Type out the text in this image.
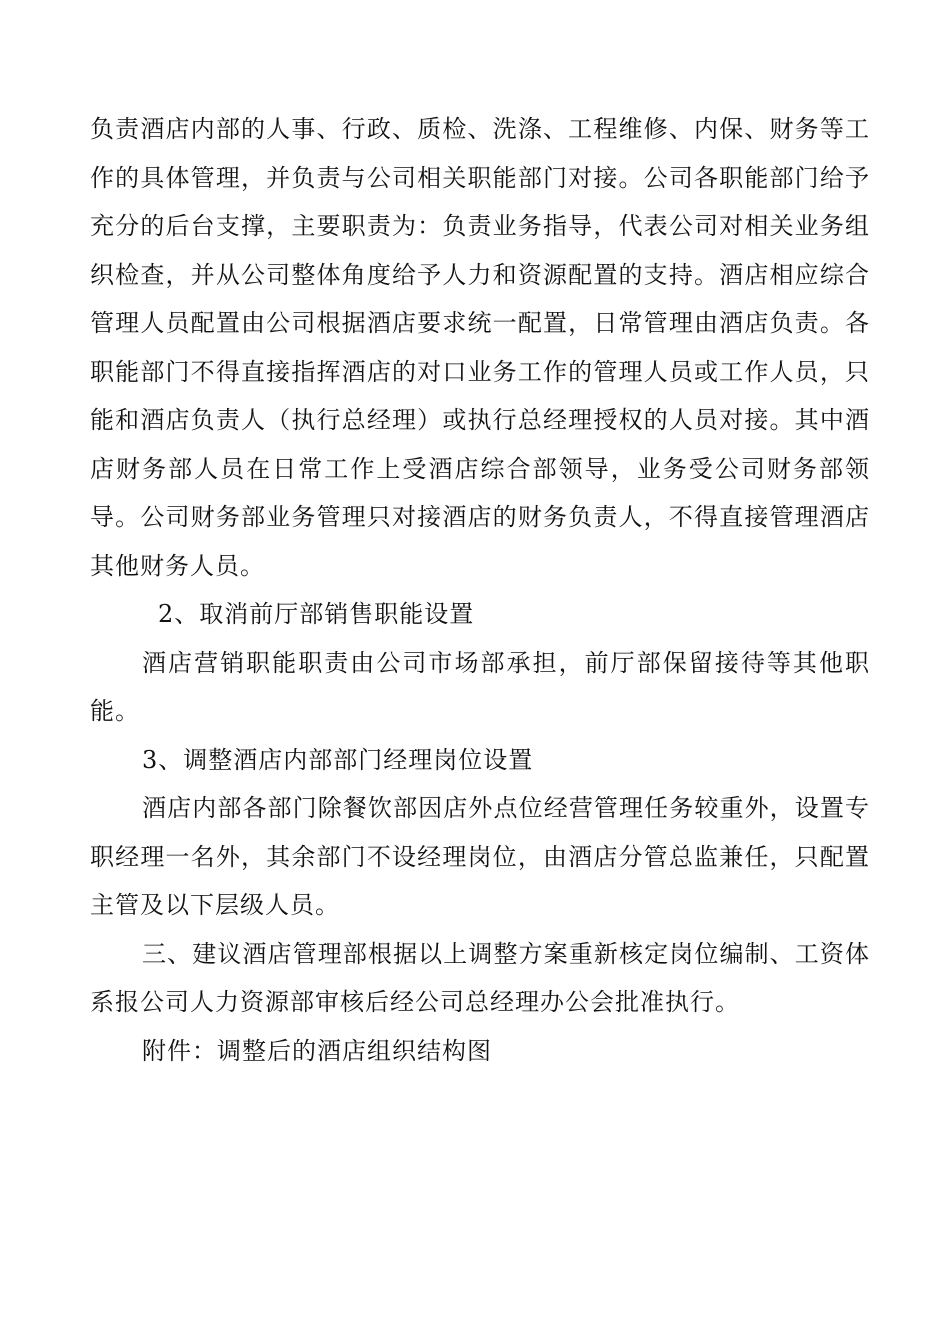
负责酒店内部的人事、行政、质检、洗涤、工程维修、内保、财务等工作的具体管理，并负责与公司相关职能部门对接。公司各职能部门给予充分的后台支撑，主要职责为：负责业务指导，代表公司对相关业务组织检查，并从公司整体角度给予人力和资源配置的支持。酒店相应综合管理人员配置由公司根据酒店要求统一配置，日常管理由酒店负责。各职能部门不得直接指挥酒店的对口业务工作的管理人员或工作人员，只能和酒店负责人（执行总经理）或执行总经理授权的人员对接。其中酒店财务部人员在日常工作上受酒店综合部领导，业务受公司财务部领导。公司财务部业务管理只对接酒店的财务负责人，不得直接管理酒店其他财务人员。

2、取消前厅部销售职能设置

酒店营销职能职责由公司市场部承担，前厅部保留接待等其他职能。

3、调整酒店内部部门经理岗位设置

酒店内部各部门除餐饮部因店外点位经营管理任务较重外，设置专职经理一名外，其余部门不设经理岗位，由酒店分管总监兼任，只配置主管及以下层级人员。

三、建议酒店管理部根据以上调整方案重新核定岗位编制、工资体系报公司人力资源部审核后经公司总经理办公会批准执行。

附件：调整后的酒店组织结构图
